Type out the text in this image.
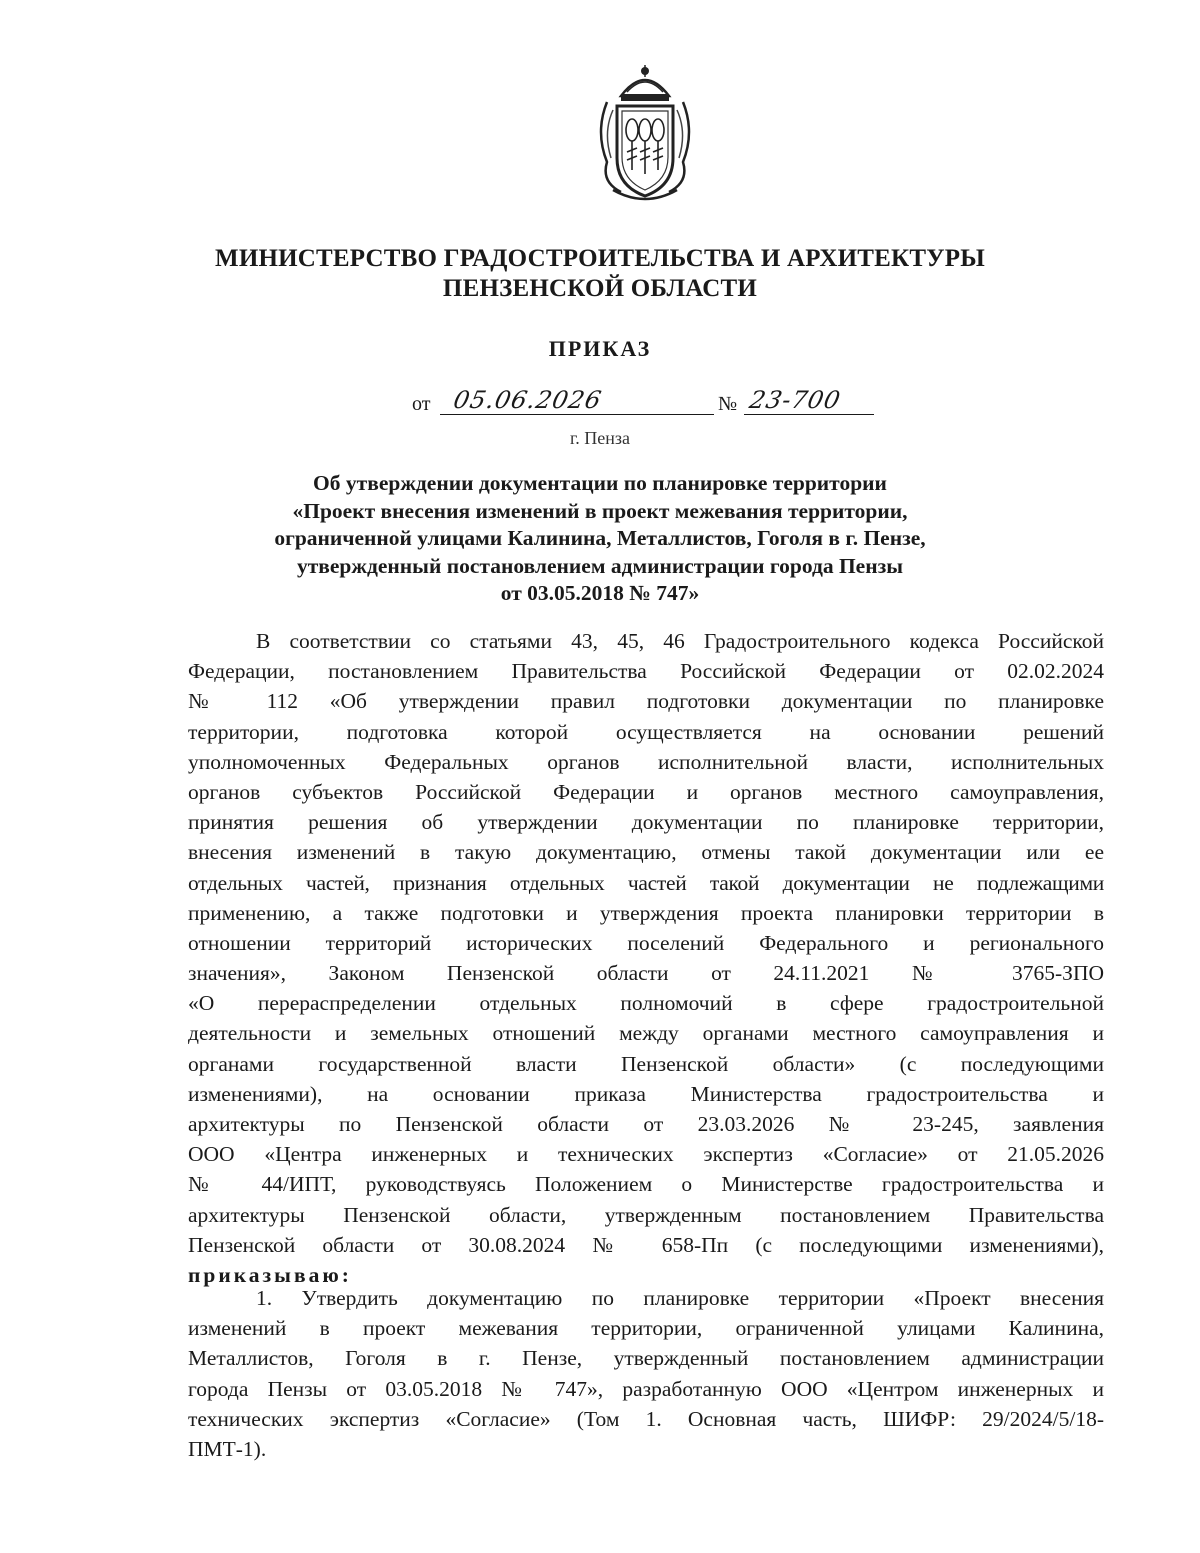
МИНИСТЕРСТВО ГРАДОСТРОИТЕЛЬСТВА И АРХИТЕКТУРЫ
ПЕНЗЕНСКОЙ ОБЛАСТИ
ПРИКАЗ
от 05.06.2026	№ 23-700
г. Пенза
Об утверждении документации по планировке территории
«Проект внесения изменений в проект межевания территории,
ограниченной улицами Калинина, Металлистов, Гоголя в г. Пензе,
утвержденный постановлением администрации города Пензы
от 03.05.2018 № 747»
В соответствии со статьями 43, 45, 46 Градостроительного кодекса Российской
Федерации, постановлением Правительства Российской Федерации от 02.02.2024
№ 112 «Об утверждении правил подготовки документации по планировке
территории, подготовка которой осуществляется на основании решений
уполномоченных Федеральных органов исполнительной власти, исполнительных
органов субъектов Российской Федерации и органов местного самоуправления,
принятия решения об утверждении документации по планировке территории,
внесения изменений в такую документацию, отмены такой документации или ее
отдельных частей, признания отдельных частей такой документации не подлежащими
применению, а также подготовки и утверждения проекта планировки территории в
отношении территорий исторических поселений Федерального и регионального
значения», Законом Пензенской области от 24.11.2021 № 3765-ЗПО
«О перераспределении отдельных полномочий в сфере градостроительной
деятельности и земельных отношений между органами местного самоуправления и
органами государственной власти Пензенской области» (с последующими
изменениями), на основании приказа Министерства градостроительства и
архитектуры по Пензенской области от 23.03.2026 № 23-245, заявления
ООО «Центра инженерных и технических экспертиз «Согласие» от 21.05.2026
№ 44/ИПТ, руководствуясь Положением о Министерстве градостроительства и
архитектуры Пензенской области, утвержденным постановлением Правительства
Пензенской области от 30.08.2024 № 658-Пп (с последующими изменениями),
приказываю:
1. Утвердить документацию по планировке территории «Проект внесения
изменений в проект межевания территории, ограниченной улицами Калинина,
Металлистов, Гоголя в г. Пензе, утвержденный постановлением администрации
города Пензы от 03.05.2018 № 747», разработанную ООО «Центром инженерных и
технических экспертиз «Согласие» (Том 1. Основная часть, ШИФР: 29/2024/5/18-
ПМТ-1).
